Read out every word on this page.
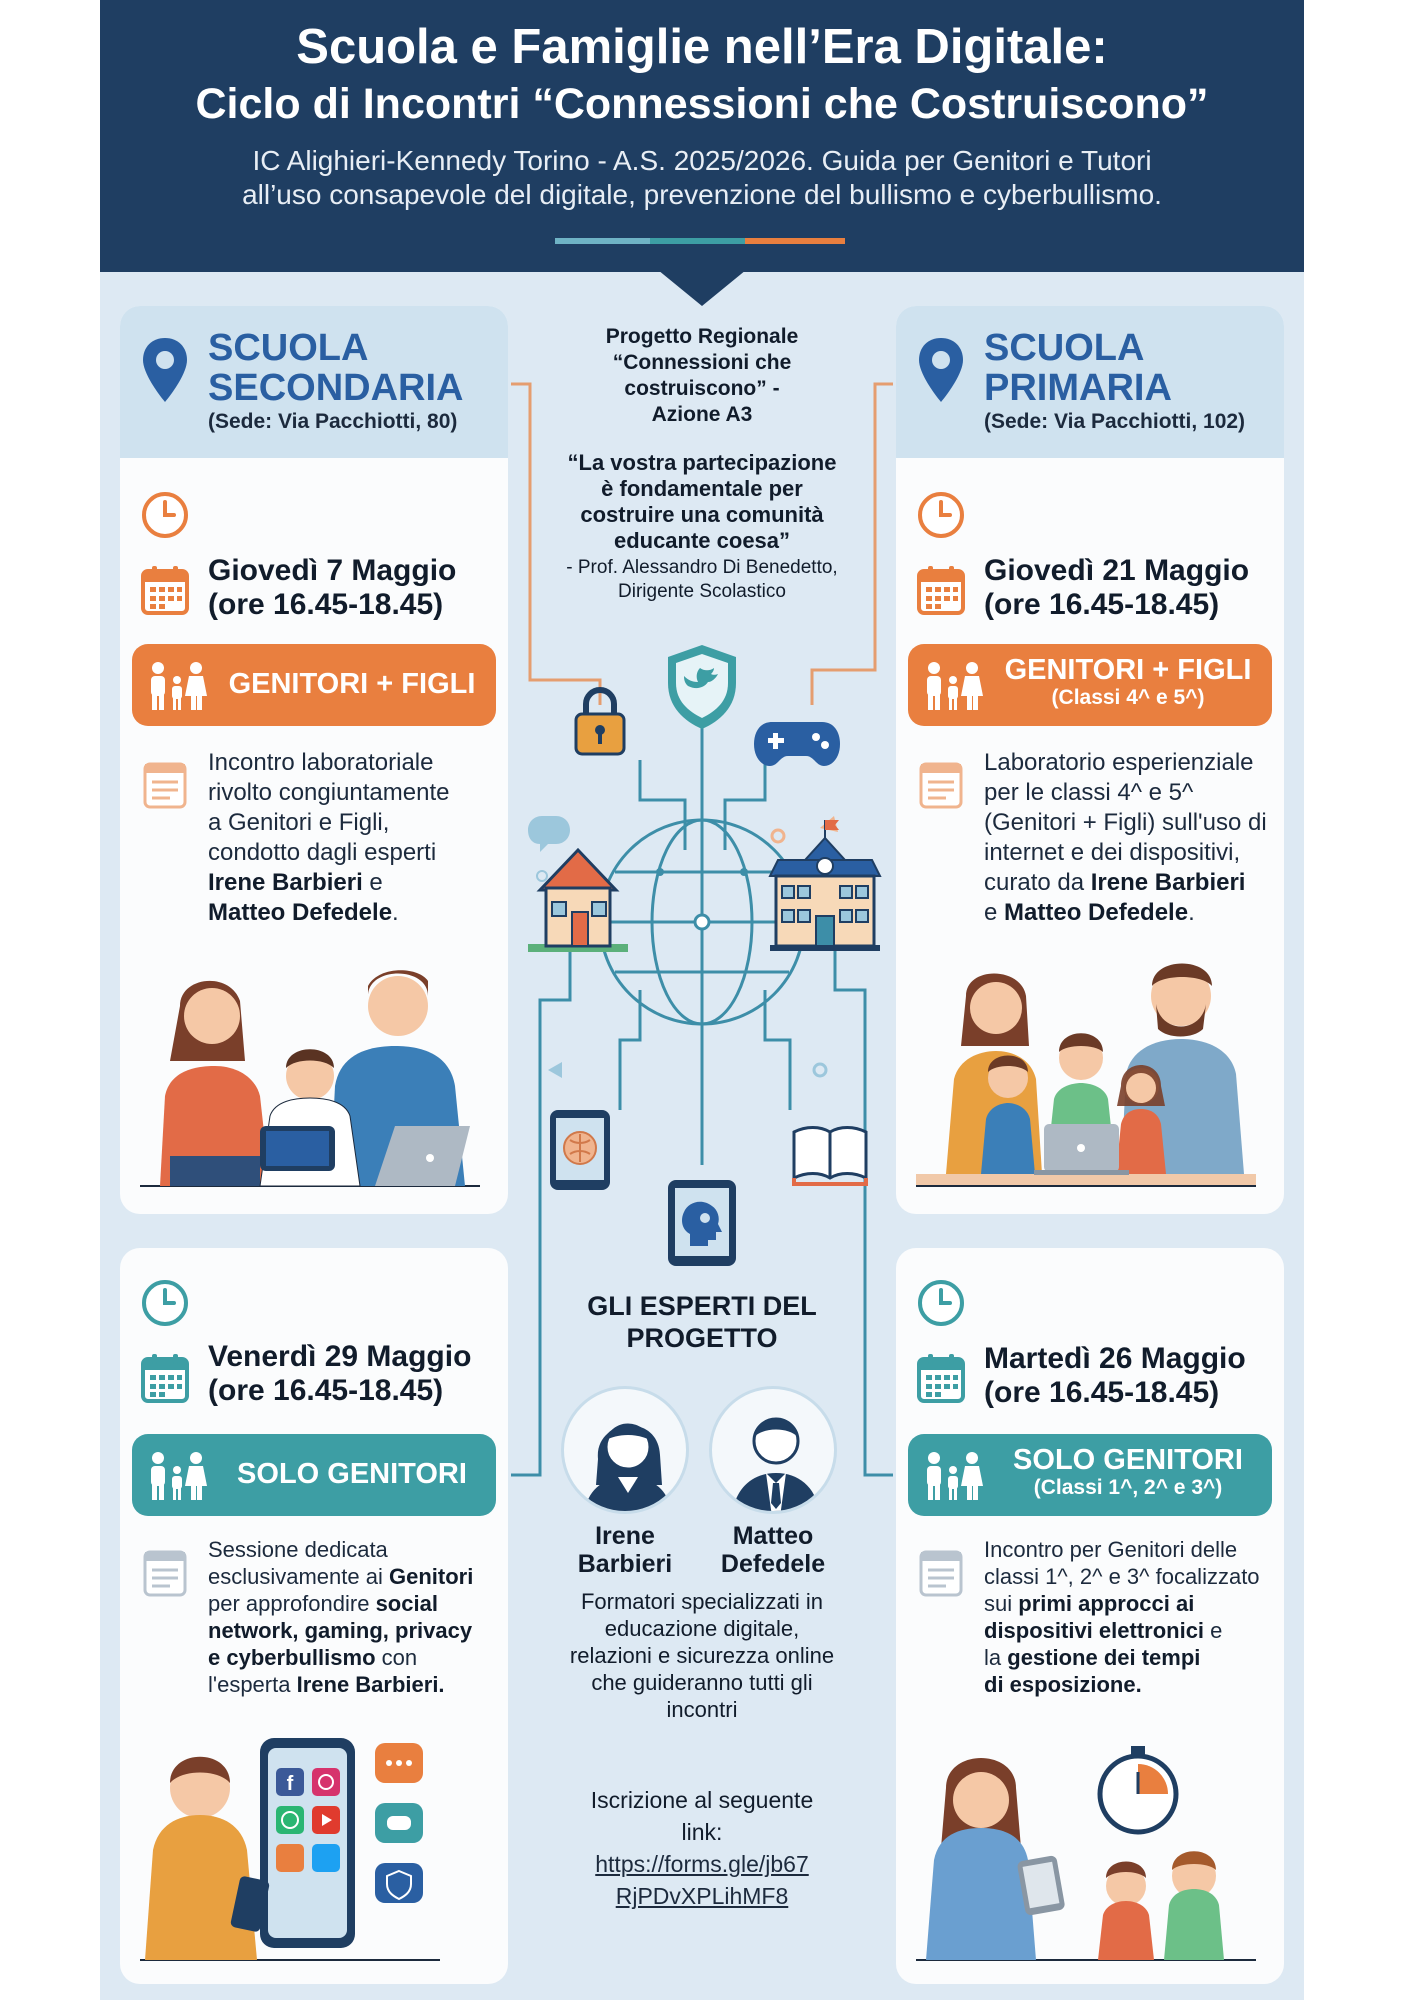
Scuola e Famiglie nell’Era Digitale:
Ciclo di Incontri “Connessioni che Costruiscono”
IC Alighieri-Kennedy Torino - A.S. 2025/2026. Guida per Genitori e Tutori
all’uso consapevole del digitale, prevenzione del bullismo e cyberbullismo.
SCUOLA
SECONDARIA
(Sede: Via Pacchiotti, 80)
Giovedì 7 Maggio
(ore 16.45-18.45)
GENITORI + FIGLI
Incontro laboratoriale
rivolto congiuntamente
a Genitori e Figli,
condotto dagli esperti
Irene Barbieri e
Matteo Defedele.
SCUOLA
PRIMARIA
(Sede: Via Pacchiotti, 102)
Giovedì 21 Maggio
(ore 16.45-18.45)
GENITORI + FIGLI
(Classi 4^ e 5^)
Laboratorio esperienziale
per le classi 4^ e 5^
(Genitori + Figli) sull'uso di
internet e dei dispositivi,
curato da Irene Barbieri
e Matteo Defedele.
Venerdì 29 Maggio
(ore 16.45-18.45)
SOLO GENITORI
Sessione dedicata
esclusivamente ai Genitori
per approfondire social
network, gaming, privacy
e cyberbullismo con
l'esperta Irene Barbieri.
f
Martedì 26 Maggio
(ore 16.45-18.45)
SOLO GENITORI
(Classi 1^, 2^ e 3^)
Incontro per Genitori delle
classi 1^, 2^ e 3^ focalizzato
sui primi approcci ai
dispositivi elettronici e
la gestione dei tempi
di esposizione.
Progetto Regionale
“Connessioni che
costruiscono” -
Azione A3
“La vostra partecipazione
è fondamentale per
costruire una comunità
educante coesa”
- Prof. Alessandro Di Benedetto,
Dirigente Scolastico
GLI ESPERTI DEL
PROGETTO
Irene
Barbieri
Matteo
Defedele
Formatori specializzati in
educazione digitale,
relazioni e sicurezza online
che guideranno tutti gli
incontri
Iscrizione al seguente
link:
https://forms.gle/jb67
RjPDvXPLihMF8
